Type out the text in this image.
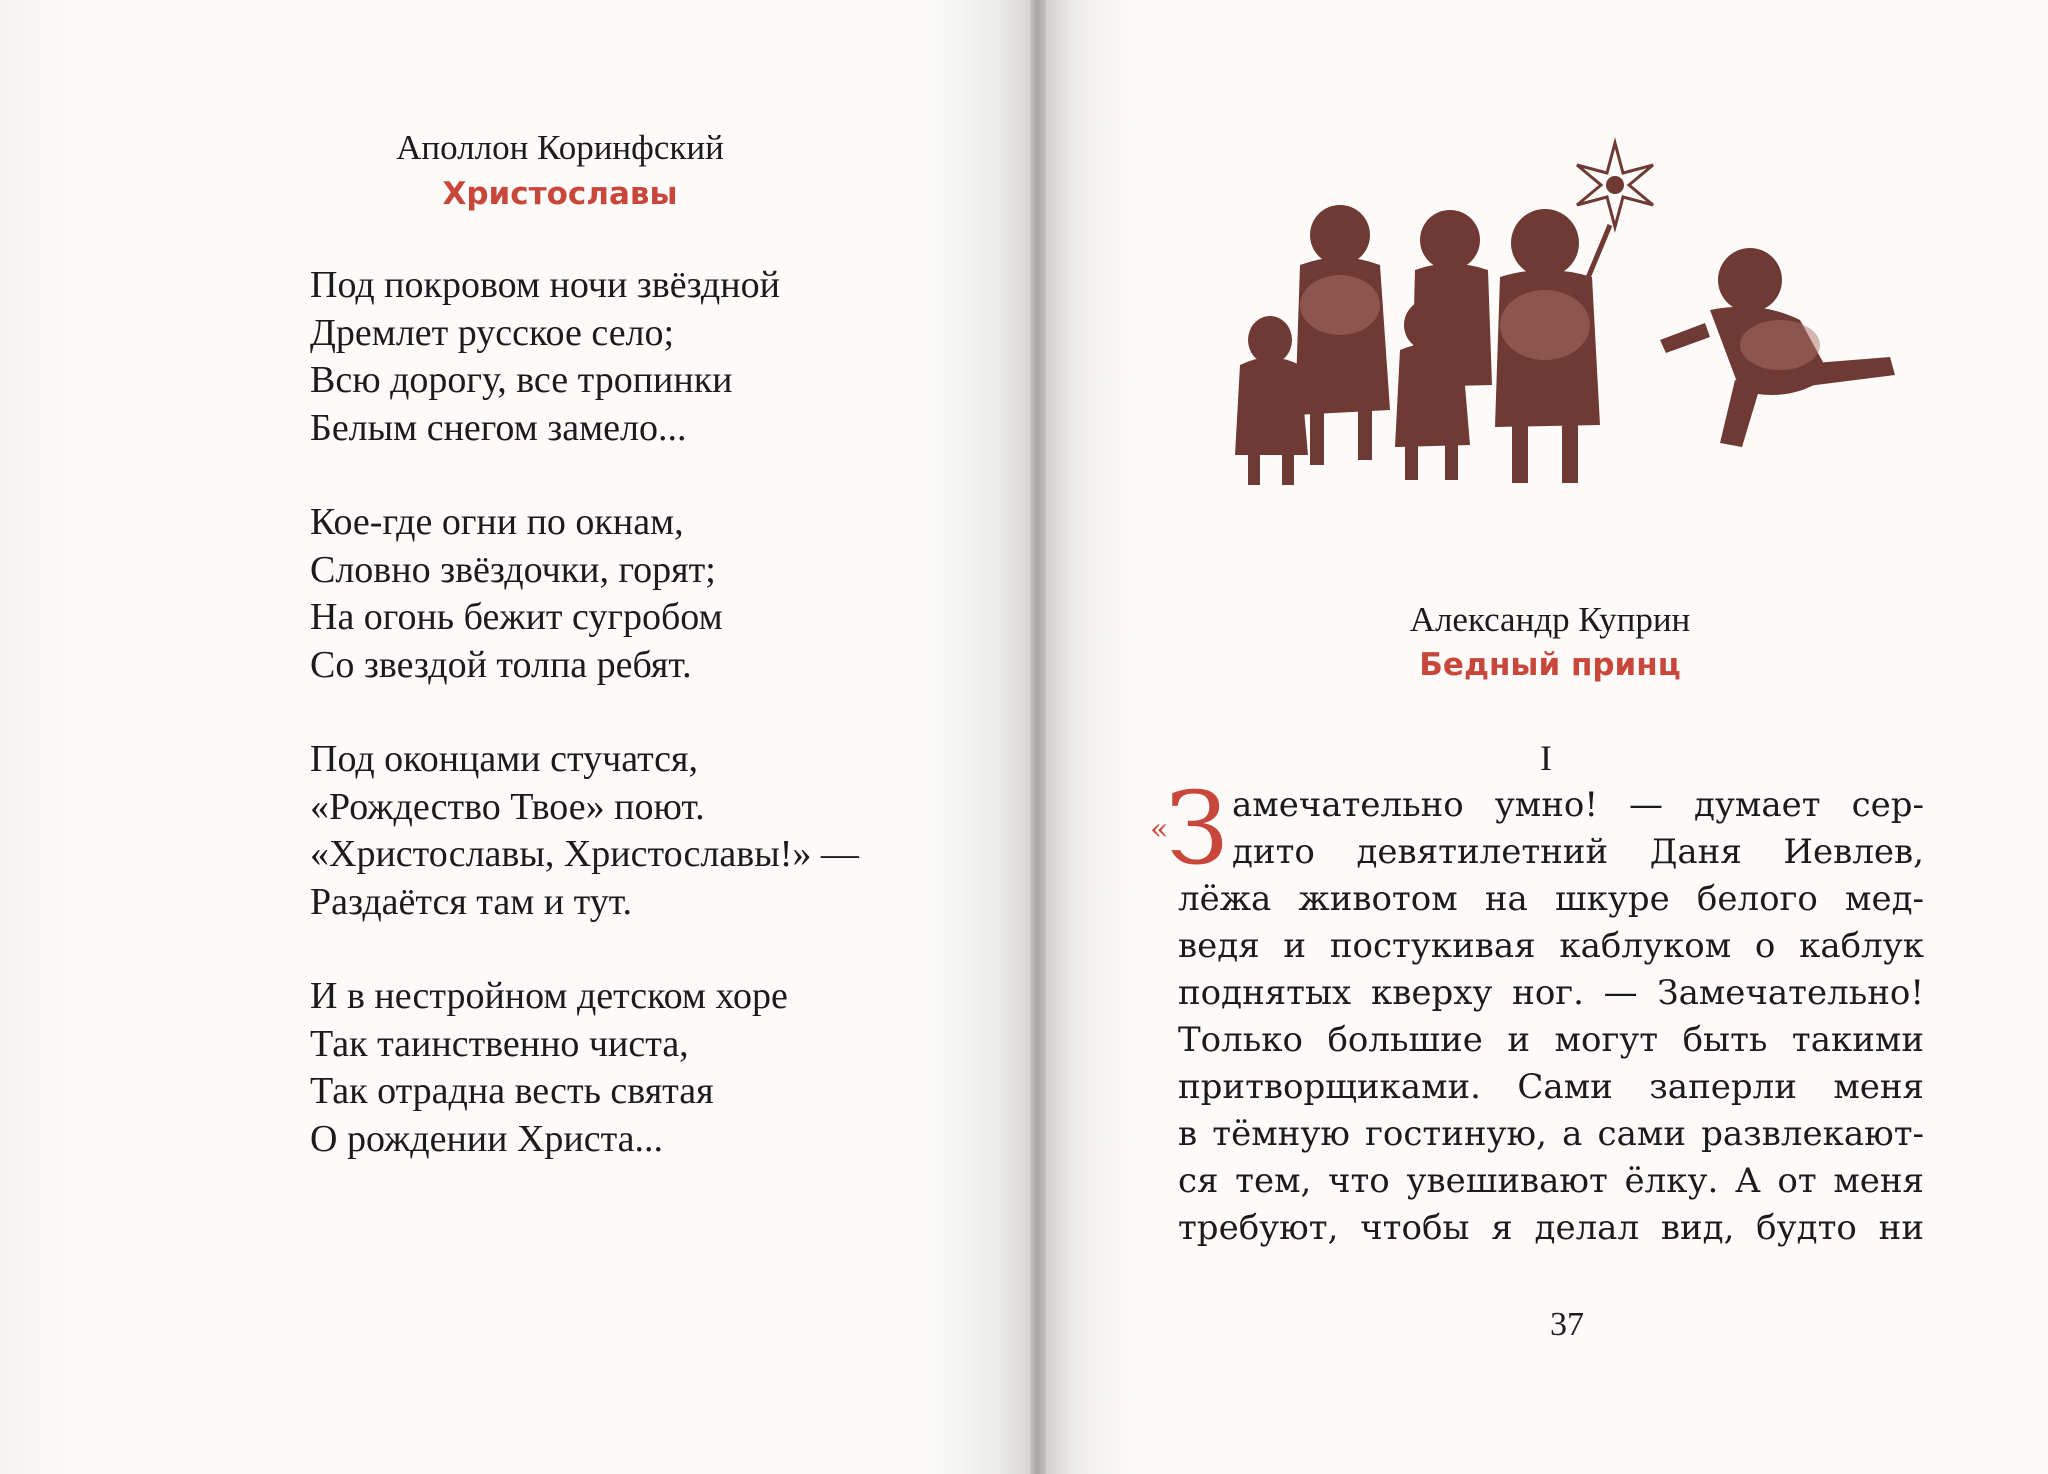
Аполлон Коринфский
Христославы
Под покровом ночи звёздной
Дремлет русское село;
Всю дорогу, все тропинки
Белым снегом замело...
Кое-где огни по окнам,
Словно звёздочки, горят;
На огонь бежит сугробом
Со звездой толпа ребят.
Под оконцами стучатся,
«Рождество Твое» поют.
«Христославы, Христославы!» —
Раздаётся там и тут.
И в нестройном детском хоре
Так таинственно чиста,
Так отрадна весть святая
О рождении Христа...
Александр Куприн
Бедный принц
I
«
З амечательно умно! — думает сер-
дито девятилетний Даня Иевлев,
лёжа животом на шкуре белого мед-
ведя и постукивая каблуком о каблук
поднятых кверху ног. — Замечательно!
Только большие и могут быть такими
притворщиками. Сами заперли меня
в тёмную гостиную, а сами развлекают-
ся тем, что увешивают ёлку. А от меня
требуют, чтобы я делал вид, будто ни
37
